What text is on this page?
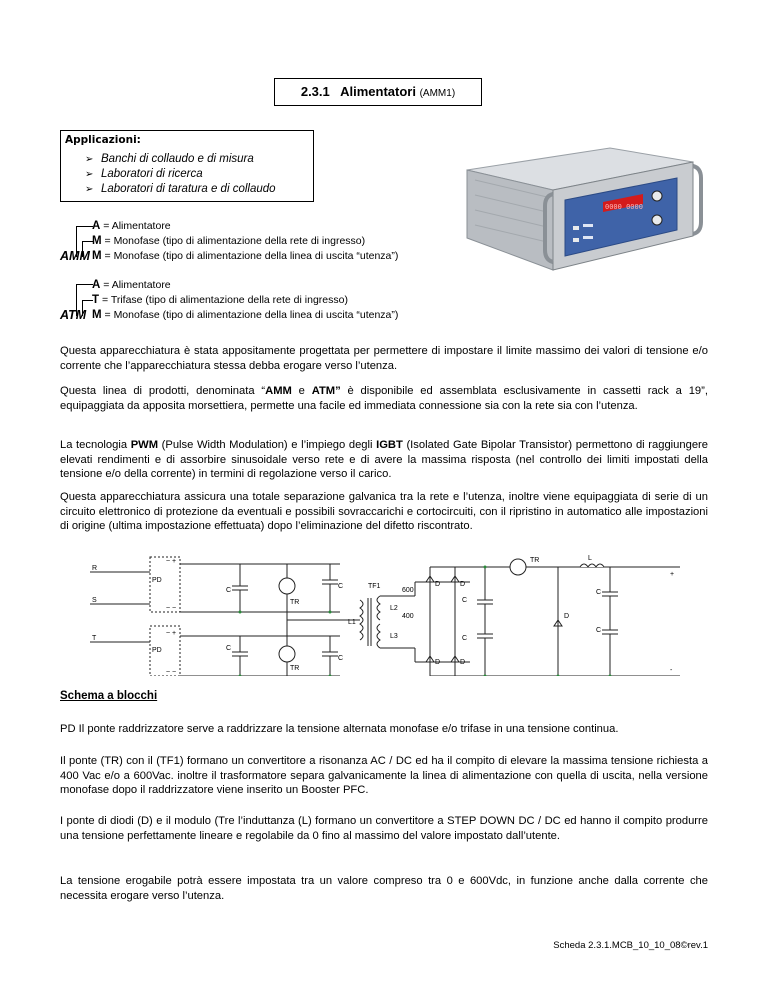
2.3.1 Alimentatori (AMM1)
Applicazioni:
➢ Banchi di collaudo e di misura
➢ Laboratori di ricerca
➢ Laboratori di taratura e di collaudo
A = Alimentatore
M = Monofase (tipo di alimentazione della rete di ingresso)
AMM M = Monofase (tipo di alimentazione della linea di uscita “utenza”)
A = Alimentatore
T = Trifase (tipo di alimentazione della rete di ingresso)
ATM M = Monofase (tipo di alimentazione della linea di uscita “utenza”)
0000 0000
Questa apparecchiatura è stata appositamente progettata per permettere di impostare il limite massimo dei valori di tensione e/o corrente che l’apparecchiatura stessa debba erogare verso l’utenza.
Questa linea di prodotti, denominata “AMM e ATM” è disponibile ed assemblata esclusivamente in cassetti rack a 19”, equipaggiata da apposita morsettiera, permette una facile ed immediata connessione sia con la rete sia con l’utenza.
La tecnologia PWM (Pulse Width Modulation) e l’impiego degli IGBT (Isolated Gate Bipolar Transistor) permettono di raggiungere elevati rendimenti e di assorbire sinusoidale verso rete e di avere la massima risposta (nel controllo dei limiti impostati della tensione e/o della corrente) in termini di regolazione verso il carico.
Questa apparecchiatura assicura una totale separazione galvanica tra la rete e l’utenza, inoltre viene equipaggiata di serie di un circuito elettronico di protezione da eventuali e possibili sovraccarichi e cortocircuiti, con il ripristino in automatico alle impostazioni di origine (ultima impostazione effettuata) dopo l’eliminazione del difetto riscontrato.
R
S
T
PD
PD
~ +
~ −
~ +
~ −
C
C
C
C
TR
TR
TF1
L1
L2
L3
600
400
D	D
C
C
D	D
TR
D
L
C
C
+
-
Schema a blocchi
PD Il ponte raddrizzatore serve a raddrizzare la tensione alternata monofase e/o trifase in una tensione continua.
Il ponte (TR) con il (TF1) formano un convertitore a risonanza AC / DC ed ha il compito di elevare la massima tensione richiesta a 400 Vac e/o a 600Vac. inoltre il trasformatore separa galvanicamente la linea di alimentazione con quella di uscita, nella versione monofase dopo il raddrizzatore viene inserito un Booster PFC.
I ponte di diodi (D) e il modulo (Tre l’induttanza (L) formano un convertitore a STEP DOWN DC / DC ed hanno il compito produrre una tensione perfettamente lineare e regolabile da 0 fino al massimo del valore impostato dall’utente.
La tensione erogabile potrà essere impostata tra un valore compreso tra 0 e 600Vdc, in funzione anche dalla corrente che necessita erogare verso l’utenza.
Scheda 2.3.1.MCB_10_10_08©rev.1
